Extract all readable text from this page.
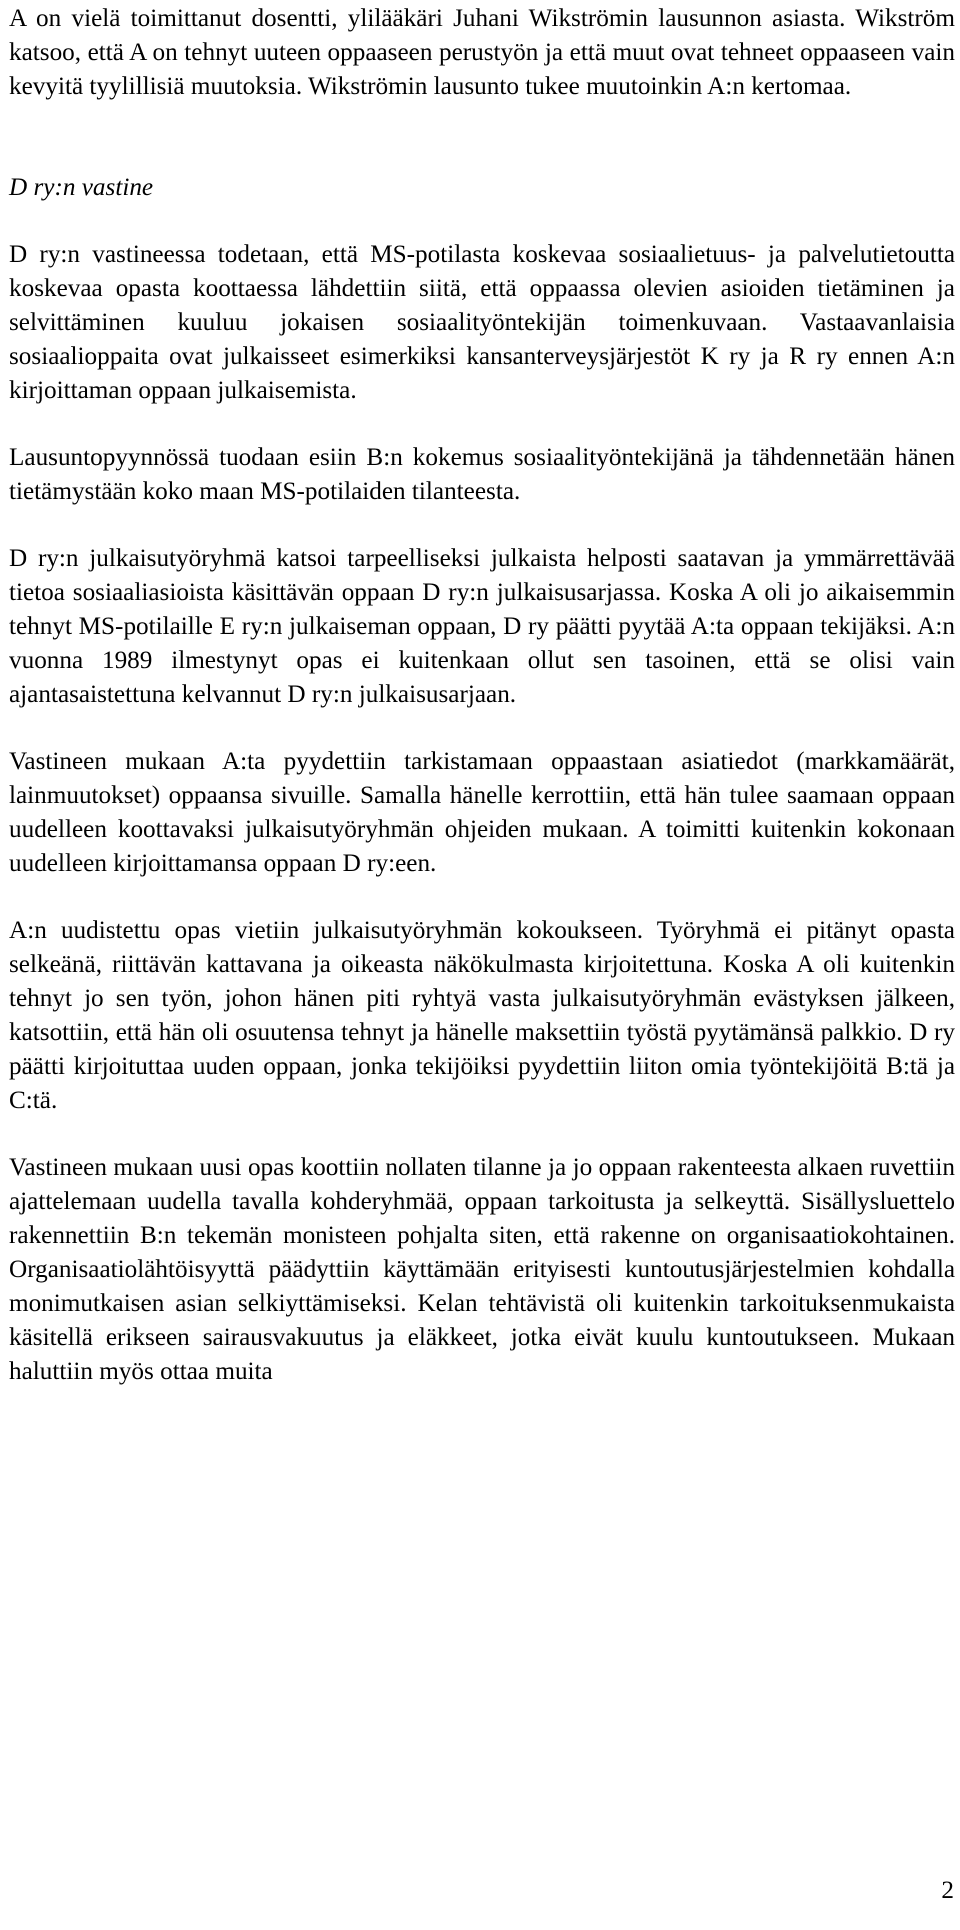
A on vielä toimittanut dosentti, ylilääkäri Juhani Wikströmin lausunnon asiasta. Wikström katsoo, että A on tehnyt uuteen oppaaseen perustyön ja että muut ovat tehneet oppaaseen vain kevyitä tyylillisiä muutoksia. Wikströmin lausunto tukee muutoinkin A:n kertomaa.

D ry:n vastine

D ry:n vastineessa todetaan, että MS-potilasta koskevaa sosiaalietuus- ja palvelutietoutta koskevaa opasta koottaessa lähdettiin siitä, että oppaassa olevien asioiden tietäminen ja selvittäminen kuuluu jokaisen sosiaalityöntekijän toimenkuvaan. Vastaavanlaisia sosiaalioppaita ovat julkaisseet esimerkiksi kansanterveysjärjestöt K ry ja R ry ennen A:n kirjoittaman oppaan julkaisemista.

Lausuntopyynnössä tuodaan esiin B:n kokemus sosiaalityöntekijänä ja tähdennetään hänen tietämystään koko maan MS-potilaiden tilanteesta.

D ry:n julkaisutyöryhmä katsoi tarpeelliseksi julkaista helposti saatavan ja ymmärrettävää tietoa sosiaaliasioista käsittävän oppaan D ry:n julkaisusarjassa. Koska A oli jo aikaisemmin tehnyt MS-potilaille E ry:n julkaiseman oppaan, D ry päätti pyytää A:ta oppaan tekijäksi. A:n vuonna 1989 ilmestynyt opas ei kuitenkaan ollut sen tasoinen, että se olisi vain ajantasaistettuna kelvannut D ry:n julkaisusarjaan.

Vastineen mukaan A:ta pyydettiin tarkistamaan oppaastaan asiatiedot (markkamäärät, lainmuutokset) oppaansa sivuille. Samalla hänelle kerrottiin, että hän tulee saamaan oppaan uudelleen koottavaksi julkaisutyöryhmän ohjeiden mukaan. A toimitti kuitenkin kokonaan uudelleen kirjoittamansa oppaan D ry:een.

A:n uudistettu opas vietiin julkaisutyöryhmän kokoukseen. Työryhmä ei pitänyt opasta selkeänä, riittävän kattavana ja oikeasta näkökulmasta kirjoitettuna. Koska A oli kuitenkin tehnyt jo sen työn, johon hänen piti ryhtyä vasta julkaisutyöryhmän evästyksen jälkeen, katsottiin, että hän oli osuutensa tehnyt ja hänelle maksettiin työstä pyytämänsä palkkio. D ry päätti kirjoituttaa uuden oppaan, jonka tekijöiksi pyydettiin liiton omia työntekijöitä B:tä ja C:tä.

Vastineen mukaan uusi opas koottiin nollaten tilanne ja jo oppaan rakenteesta alkaen ruvettiin ajattelemaan uudella tavalla kohderyhmää, oppaan tarkoitusta ja selkeyttä. Sisällysluettelo rakennettiin B:n tekemän monisteen pohjalta siten, että rakenne on organisaatiokohtainen. Organisaatiolähtöisyyttä päädyttiin käyttämään erityisesti kuntoutusjärjestelmien kohdalla monimutkaisen asian selkiyttämiseksi. Kelan tehtävistä oli kuitenkin tarkoituksenmukaista käsitellä erikseen sairausvakuutus ja eläkkeet, jotka eivät kuulu kuntoutukseen. Mukaan haluttiin myös ottaa muita

2
